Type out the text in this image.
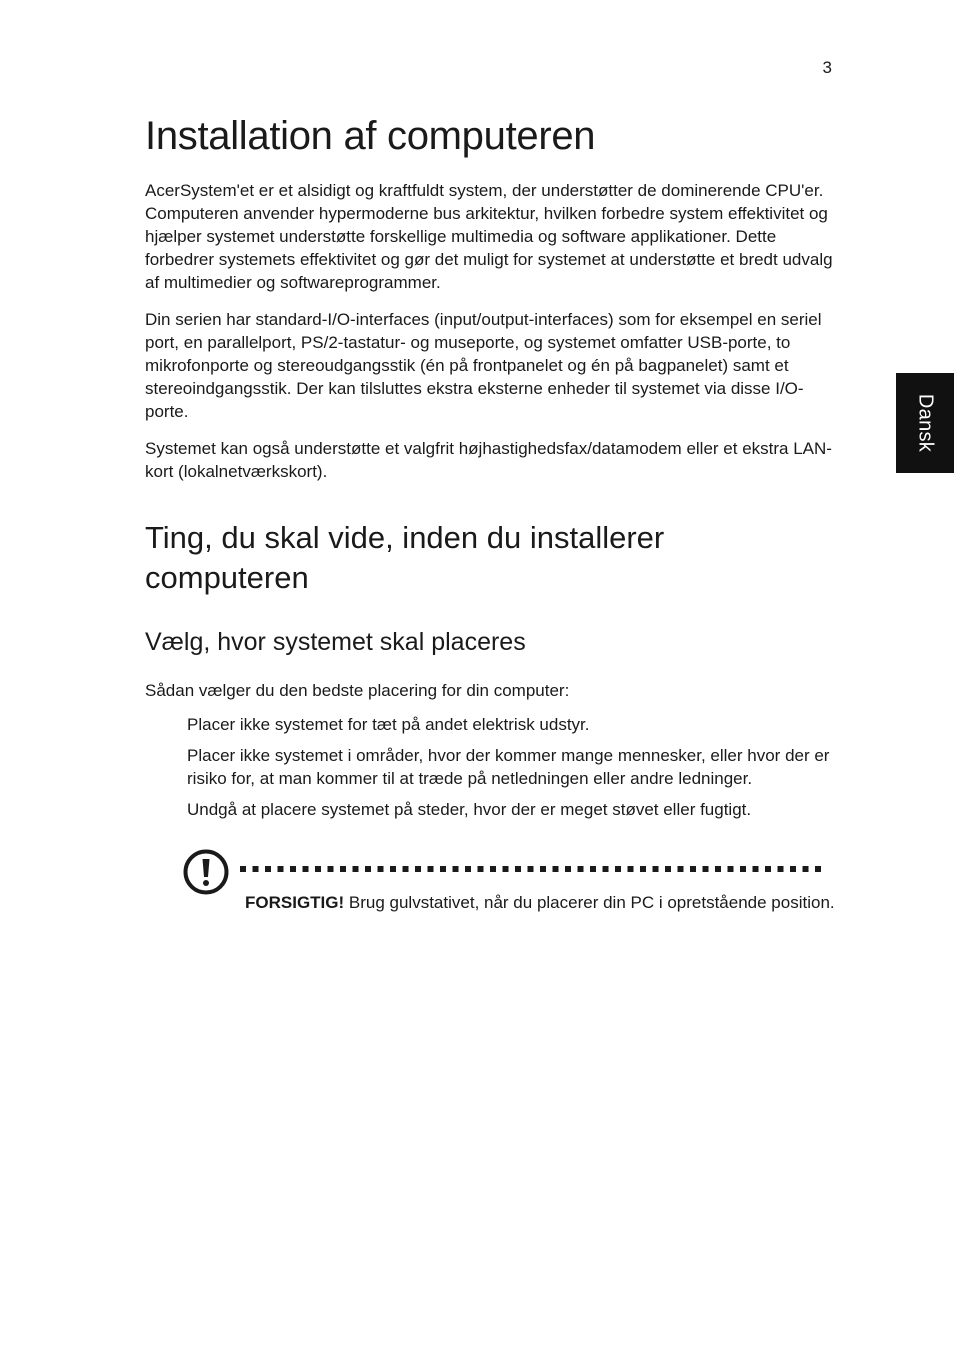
3
Dansk
Installation af computeren

AcerSystem'et er et alsidigt og kraftfuldt system, der understøtter de dominerende CPU'er. Computeren anvender hypermoderne bus arkitektur, hvilken forbedre system effektivitet og hjælper systemet understøtte forskellige multimedia og software applikationer. Dette forbedrer systemets effektivitet og gør det muligt for systemet at understøtte et bredt udvalg af multimedier og softwareprogrammer.

Din serien har standard-I/O-interfaces (input/output-interfaces) som for eksempel en seriel port, en parallelport, PS/2-tastatur- og museporte, og systemet omfatter USB-porte, to mikrofonporte og stereoudgangsstik (én på frontpanelet og én på bagpanelet) samt et stereoindgangsstik. Der kan tilsluttes ekstra eksterne enheder til systemet via disse I/O-porte.

Systemet kan også understøtte et valgfrit højhastighedsfax/datamodem eller et ekstra LAN-kort (lokalnetværkskort).

Ting, du skal vide, inden du installerer computeren
Vælg, hvor systemet skal placeres

Sådan vælger du den bedste placering for din computer:

Placer ikke systemet for tæt på andet elektrisk udstyr.
Placer ikke systemet i områder, hvor der kommer mange mennesker, eller hvor der er risiko for, at man kommer til at træde på netledningen eller andre ledninger.
Undgå at placere systemet på steder, hvor der er meget støvet eller fugtigt.

FORSIGTIG! Brug gulvstativet, når du placerer din PC i opretstående position.
